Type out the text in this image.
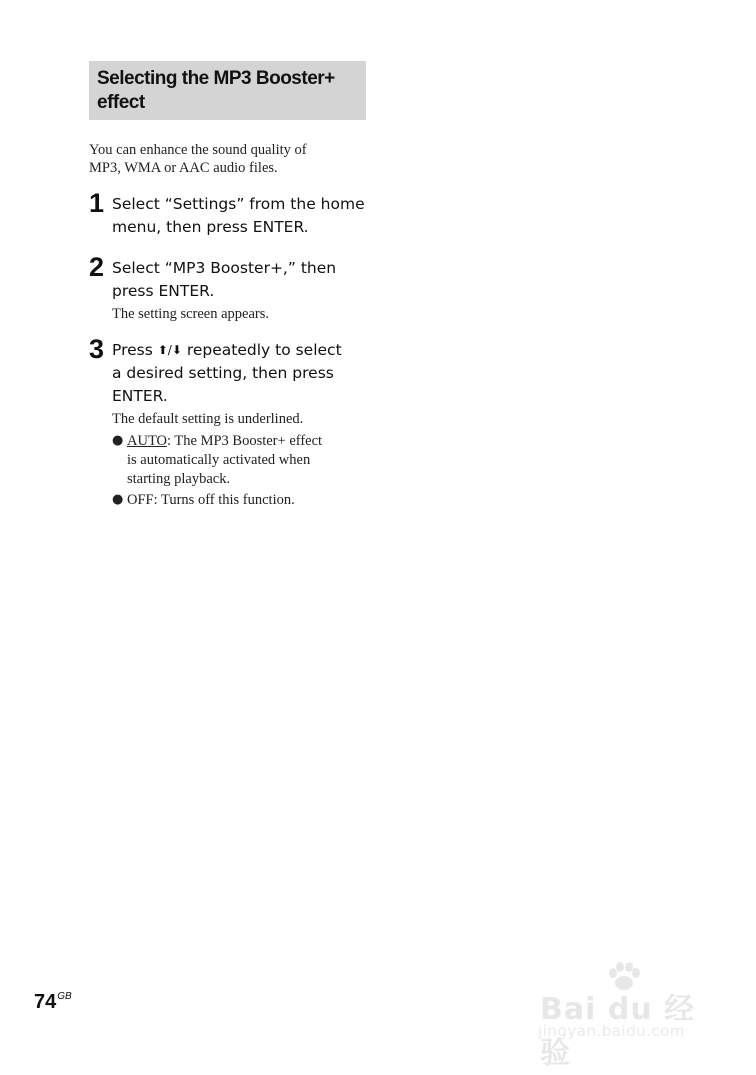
Selecting the MP3 Booster+
effect
You can enhance the sound quality of
MP3, WMA or AAC audio files.
1 Select “Settings” from the home
menu, then press ENTER.
2 Select “MP3 Booster+,” then
press ENTER.
The setting screen appears.
3 Press ⬆/⬇ repeatedly to select
a desired setting, then press
ENTER.
The default setting is underlined.
● AUTO: The MP3 Booster+ effect
is automatically activated when
starting playback.
● OFF: Turns off this function.
$74^{GB}$	Bai du 经验
jingyan.baidu.com
